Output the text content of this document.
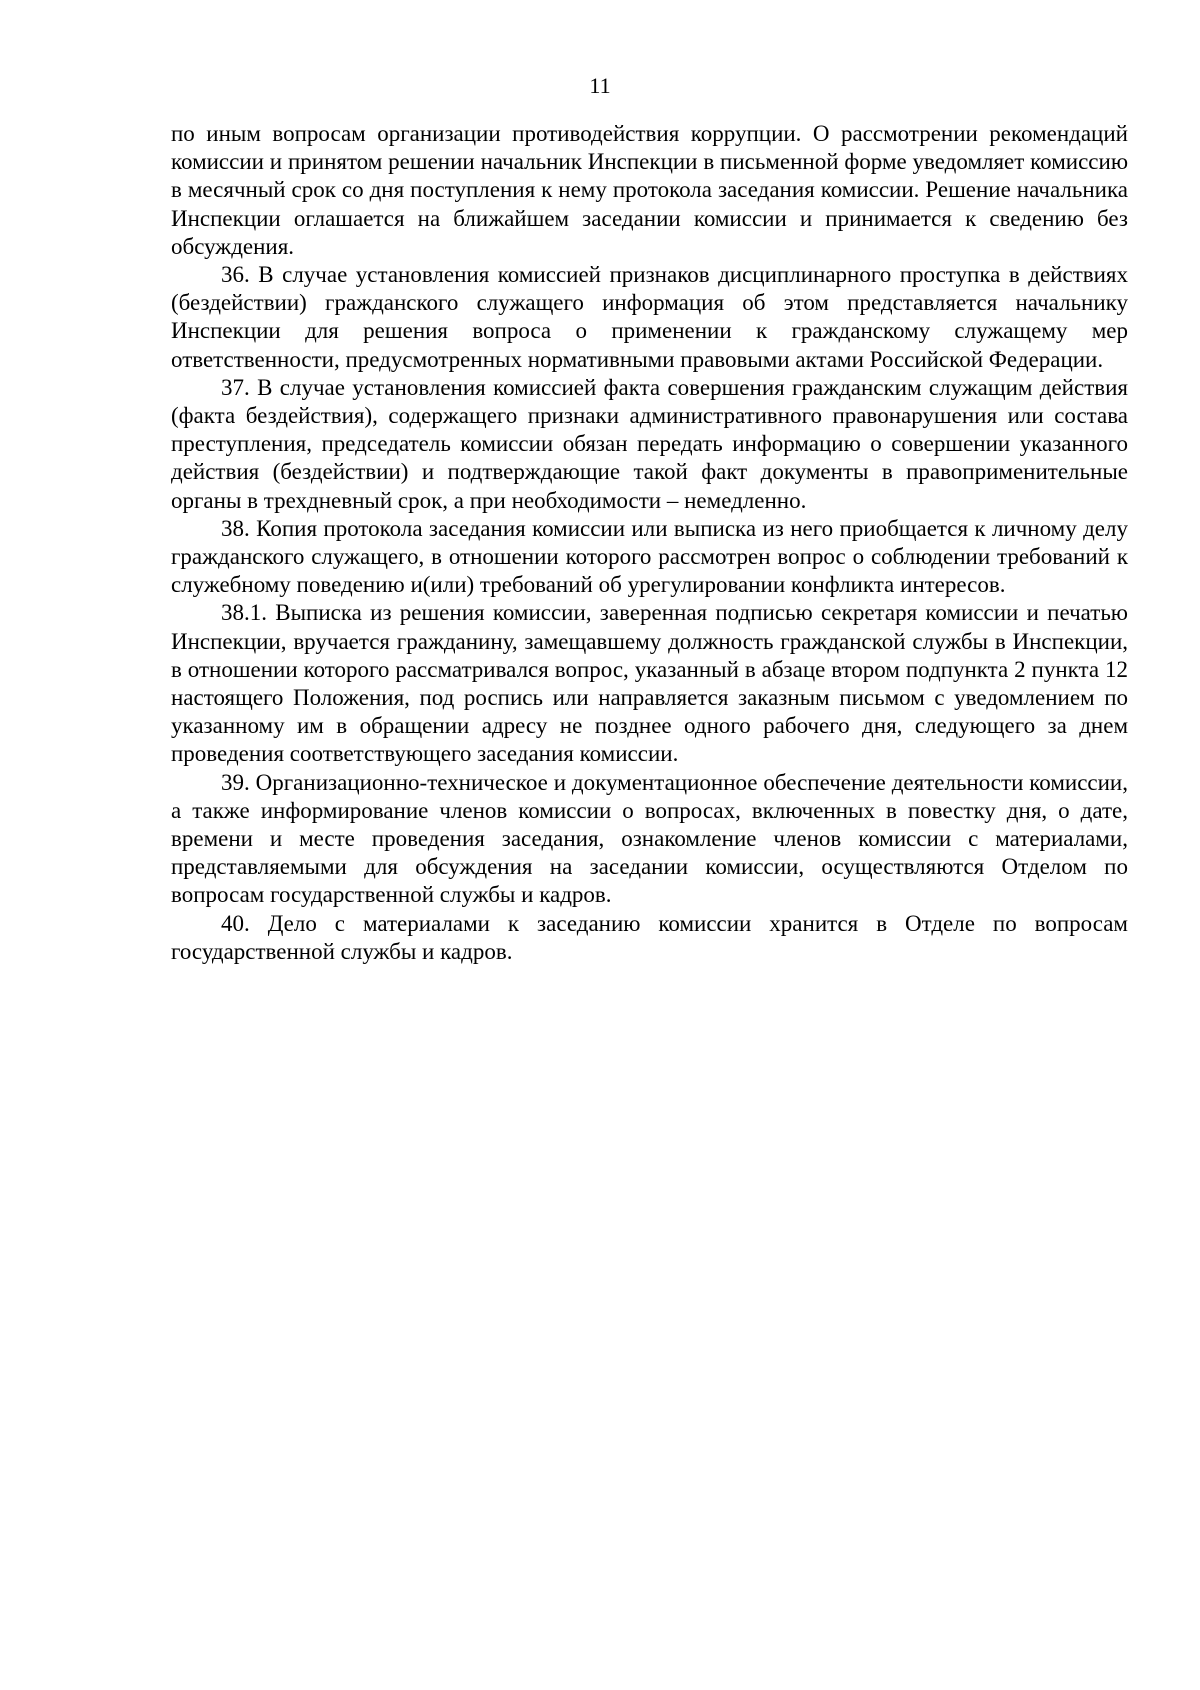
11

по иным вопросам организации противодействия коррупции. О рассмотрении рекомендаций комиссии и принятом решении начальник Инспекции в письменной форме уведомляет комиссию в месячный срок со дня поступления к нему протокола заседания комиссии. Решение начальника Инспекции оглашается на ближайшем заседании комиссии и принимается к сведению без обсуждения.

36. В случае установления комиссией признаков дисциплинарного проступка в действиях (бездействии) гражданского служащего информация об этом представляется начальнику Инспекции для решения вопроса о применении к гражданскому служащему мер ответственности, предусмотренных нормативными правовыми актами Российской Федерации.

37. В случае установления комиссией факта совершения гражданским служащим действия (факта бездействия), содержащего признаки административного правонарушения или состава преступления, председатель комиссии обязан передать информацию о совершении указанного действия (бездействии) и подтверждающие такой факт документы в правоприменительные органы в трехдневный срок, а при необходимости – немедленно.

38. Копия протокола заседания комиссии или выписка из него приобщается к личному делу гражданского служащего, в отношении которого рассмотрен вопрос о соблюдении требований к служебному поведению и(или) требований об урегулировании конфликта интересов.

38.1. Выписка из решения комиссии, заверенная подписью секретаря комиссии и печатью Инспекции, вручается гражданину, замещавшему должность гражданской службы в Инспекции, в отношении которого рассматривался вопрос, указанный в абзаце втором подпункта 2 пункта 12 настоящего Положения, под роспись или направляется заказным письмом с уведомлением по указанному им в обращении адресу не позднее одного рабочего дня, следующего за днем проведения соответствующего заседания комиссии.

39. Организационно-техническое и документационное обеспечение деятельности комиссии, а также информирование членов комиссии о вопросах, включенных в повестку дня, о дате, времени и месте проведения заседания, ознакомление членов комиссии с материалами, представляемыми для обсуждения на заседании комиссии, осуществляются Отделом по вопросам государственной службы и кадров.

40. Дело с материалами к заседанию комиссии хранится в Отделе по вопросам государственной службы и кадров.
